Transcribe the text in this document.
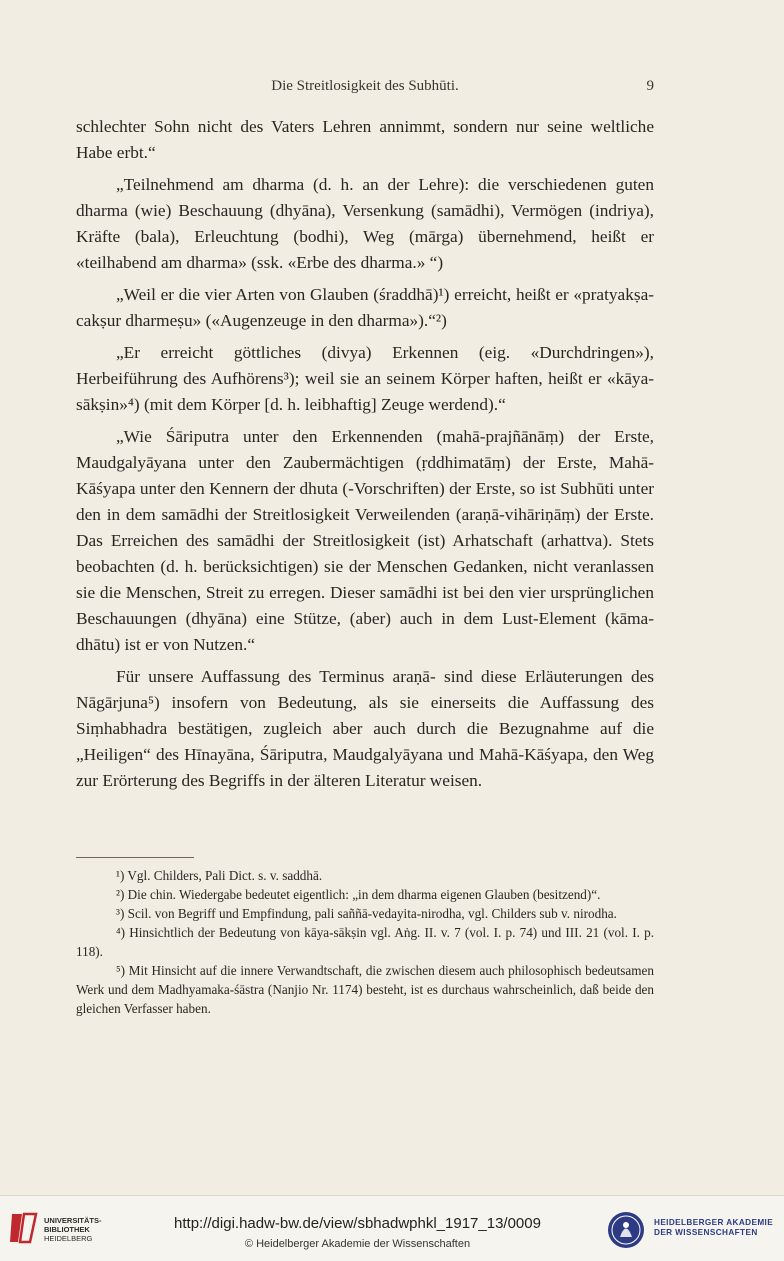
Die Streitlosigkeit des Subhūti.	9

schlechter Sohn nicht des Vaters Lehren annimmt, sondern nur seine weltliche Habe erbt.“

„Teilnehmend am dharma (d. h. an der Lehre): die verschiedenen guten dharma (wie) Beschauung (dhyāna), Versenkung (samādhi), Vermögen (indriya), Kräfte (bala), Erleuchtung (bodhi), Weg (mārga) übernehmend, heißt er «teilhabend am dharma» (ssk. «Erbe des dharma.» “)

„Weil er die vier Arten von Glauben (śraddhā)¹) erreicht, heißt er «pratyakṣa-cakṣur dharmeṣu» («Augenzeuge in den dharma»).“²)

„Er erreicht göttliches (divya) Erkennen (eig. «Durchdringen»), Herbeiführung des Aufhörens³); weil sie an seinem Körper haften, heißt er «kāya-sākṣin»⁴) (mit dem Körper [d. h. leibhaftig] Zeuge werdend).“

„Wie Śāriputra unter den Erkennenden (mahā-prajñānāṃ) der Erste, Maudgalyāyana unter den Zaubermächtigen (ṛddhimatāṃ) der Erste, Mahā-Kāśyapa unter den Kennern der dhuta (-Vorschriften) der Erste, so ist Subhūti unter den in dem samādhi der Streitlosigkeit Verweilenden (araṇā-vihāriṇāṃ) der Erste. Das Erreichen des samādhi der Streitlosigkeit (ist) Arhatschaft (arhattva). Stets beobachten (d. h. berücksichtigen) sie der Menschen Gedanken, nicht veranlassen sie die Menschen, Streit zu erregen. Dieser samādhi ist bei den vier ursprünglichen Beschauungen (dhyāna) eine Stütze, (aber) auch in dem Lust-Element (kāma-dhātu) ist er von Nutzen.“

Für unsere Auffassung des Terminus araṇā- sind diese Erläuterungen des Nāgārjuna⁵) insofern von Bedeutung, als sie einerseits die Auffassung des Siṃhabhadra bestätigen, zugleich aber auch durch die Bezugnahme auf die „Heiligen“ des Hīnayāna, Śāriputra, Maudgalyāyana und Mahā-Kāśyapa, den Weg zur Erörterung des Begriffs in der älteren Literatur weisen.

¹) Vgl. Childers, Pali Dict. s. v. saddhā.

²) Die chin. Wiedergabe bedeutet eigentlich: „in dem dharma eigenen Glauben (besitzend)“.

³) Scil. von Begriff und Empfindung, pali saññā-vedayita-nirodha, vgl. Childers sub v. nirodha.

⁴) Hinsichtlich der Bedeutung von kāya-sākṣin vgl. Aṅg. II. v. 7 (vol. I. p. 74) und III. 21 (vol. I. p. 118).

⁵) Mit Hinsicht auf die innere Verwandtschaft, die zwischen diesem auch philosophisch bedeutsamen Werk und dem Madhyamaka-śāstra (Nanjio Nr. 1174) besteht, ist es durchaus wahrscheinlich, daß beide den gleichen Verfasser haben.

UNIVERSITÄTS-
BIBLIOTHEK
HEIDELBERG
http://digi.hadw-bw.de/view/sbhadwphkl_1917_13/0009
© Heidelberger Akademie der Wissenschaften
HEIDELBERGER AKADEMIE
DER WISSENSCHAFTEN
